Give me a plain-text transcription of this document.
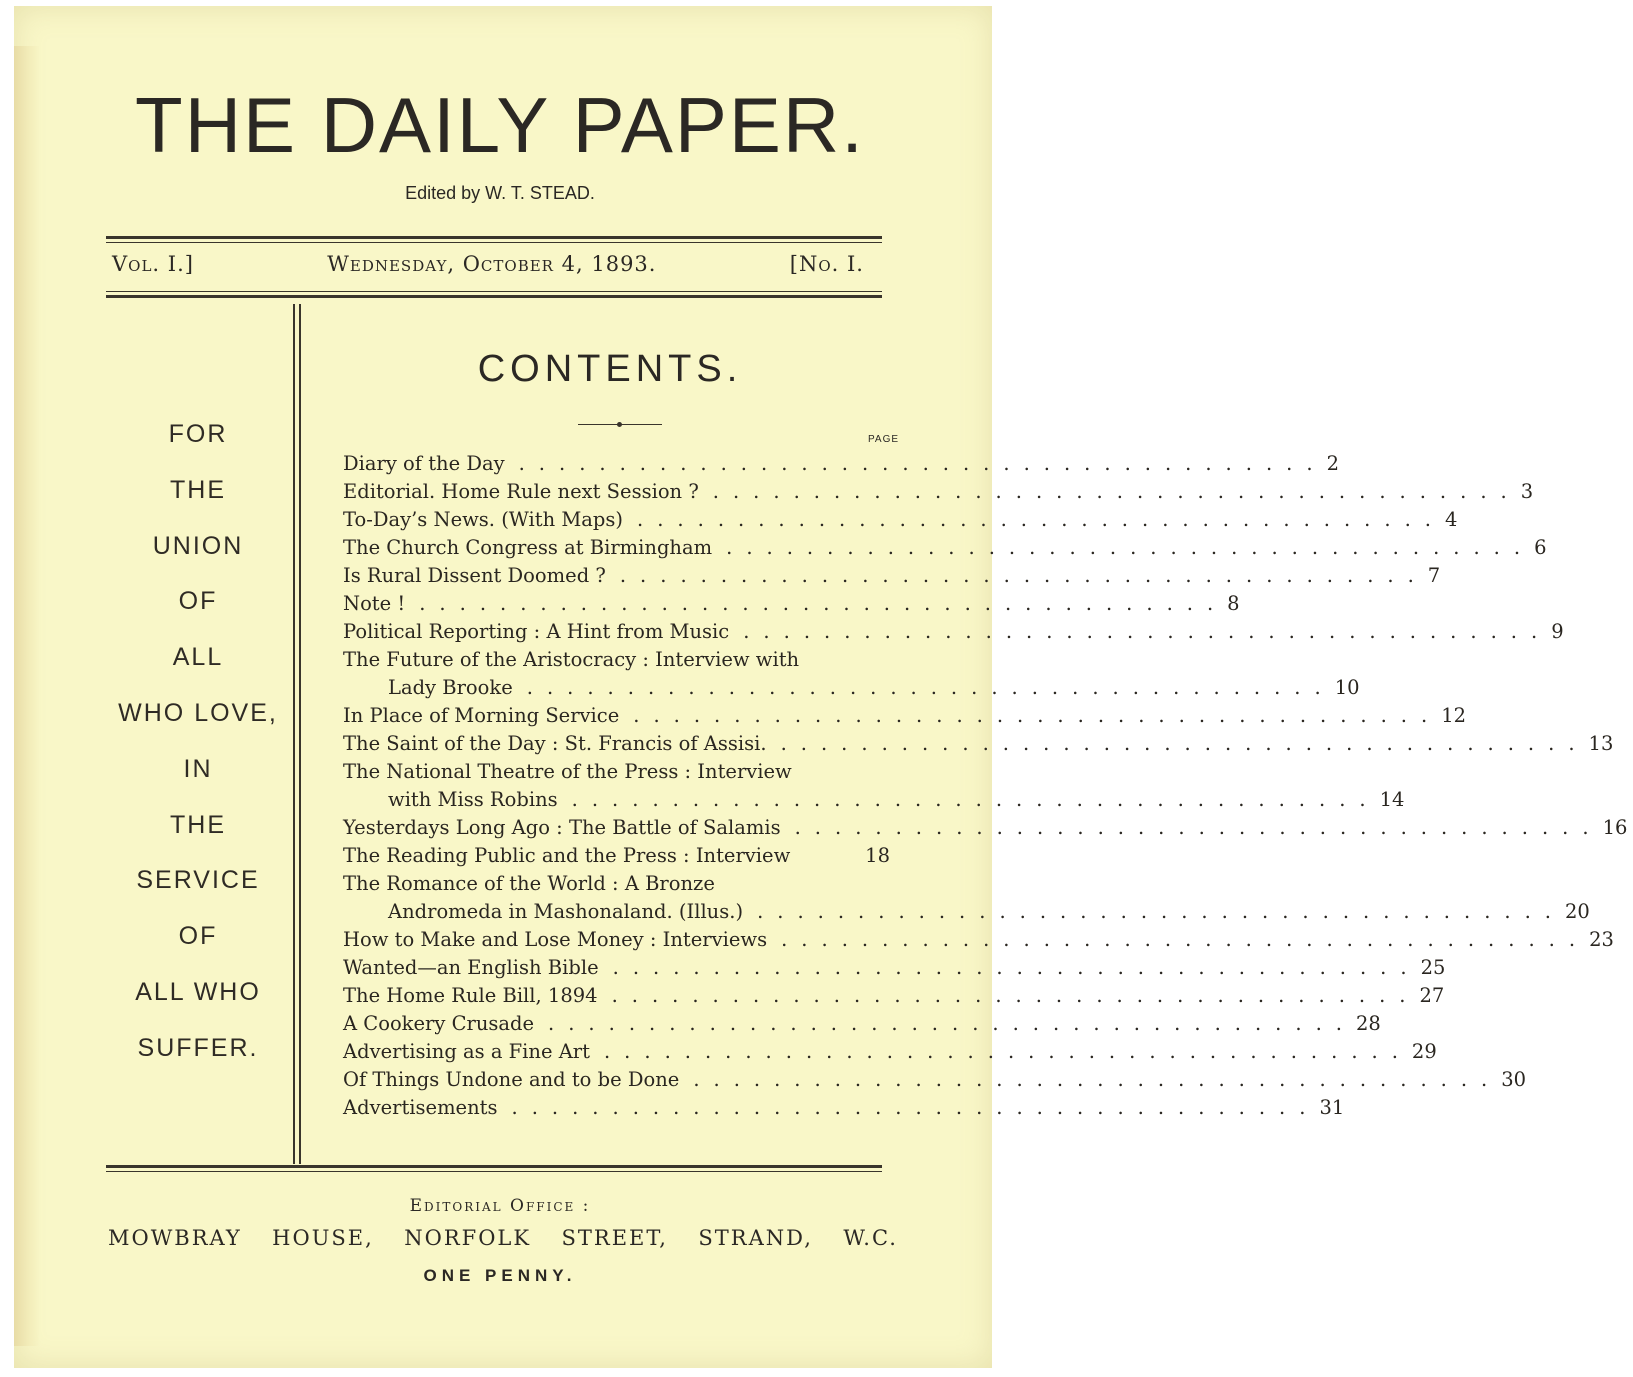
THE DAILY PAPER.
Edited by W. T. STEAD.
Vol. I.]	Wednesday, October 4, 1893.	[No. I.
FOR
THE
UNION
OF
ALL
WHO LOVE,
IN
THE
SERVICE
OF
ALL WHO
SUFFER.
CONTENTS.
PAGE
Diary of the Day ........................................ 2
Editorial. Home Rule next Session ? ........................................ 3
To-Day’s News. (With Maps) ........................................ 4
The Church Congress at Birmingham ........................................ 6
Is Rural Dissent Doomed ? ........................................ 7
Note ! ........................................ 8
Political Reporting : A Hint from Music ........................................ 9
The Future of the Aristocracy : Interview with
Lady Brooke ........................................ 10
In Place of Morning Service ........................................ 12
The Saint of the Day : St. Francis of Assisi. ........................................ 13
The National Theatre of the Press : Interview
with Miss Robins ........................................ 14
Yesterdays Long Ago : The Battle of Salamis ........................................ 16
The Reading Public and the Press : Interview	18
The Romance of the World : A Bronze
Andromeda in Mashonaland. (Illus.) ........................................ 20
How to Make and Lose Money : Interviews ........................................ 23
Wanted—an English Bible ........................................ 25
The Home Rule Bill, 1894 ........................................ 27
A Cookery Crusade ........................................ 28
Advertising as a Fine Art ........................................ 29
Of Things Undone and to be Done ........................................ 30
Advertisements ........................................ 31
Editorial Office :
MOWBRAY HOUSE, NORFOLK STREET, STRAND, W.C.
ONE PENNY.
